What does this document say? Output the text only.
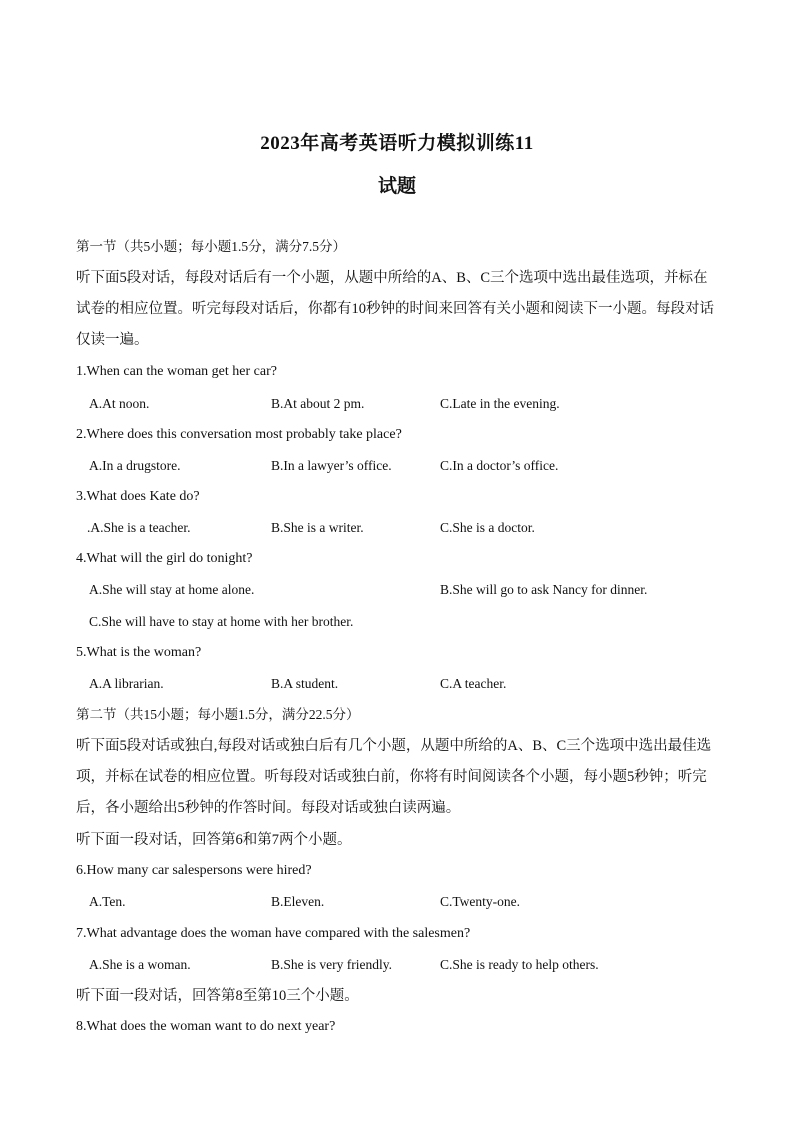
2023年高考英语听力模拟训练11
试题
第一节（共5小题；每小题1.5分，满分7.5分）
听下面5段对话，每段对话后有一个小题，从题中所给的A、B、C三个选项中选出最佳选项，并标在试卷的相应位置。听完每段对话后，你都有10秒钟的时间来回答有关小题和阅读下一小题。每段对话仅读一遍。
1.When can the woman get her car?
A.At noon.	B.At about 2 pm.	C.Late in the evening.
2.Where does this conversation most probably take place?
A.In a drugstore.	B.In a lawyer’s office.	C.In a doctor’s office.
3.What does Kate do?
.A.She is a teacher.	B.She is a writer.	C.She is a doctor.
4.What will the girl do tonight?
A.She will stay at home alone.	B.She will go to ask Nancy for dinner.
C.She will have to stay at home with her brother.
5.What is the woman?
A.A librarian.	B.A student.	C.A teacher.
第二节（共15小题；每小题1.5分，满分22.5分）
听下面5段对话或独白,每段对话或独白后有几个小题，从题中所给的A、B、C三个选项中选出最佳选项，并标在试卷的相应位置。听每段对话或独白前，你将有时间阅读各个小题，每小题5秒钟；听完后，各小题给出5秒钟的作答时间。每段对话或独白读两遍。
听下面一段对话，回答第6和第7两个小题。
6.How many car salespersons were hired?
A.Ten.	B.Eleven.	C.Twenty-one.
7.What advantage does the woman have compared with the salesmen?
A.She is a woman.	B.She is very friendly.	C.She is ready to help others.
听下面一段对话，回答第8至第10三个小题。
8.What does the woman want to do next year?
